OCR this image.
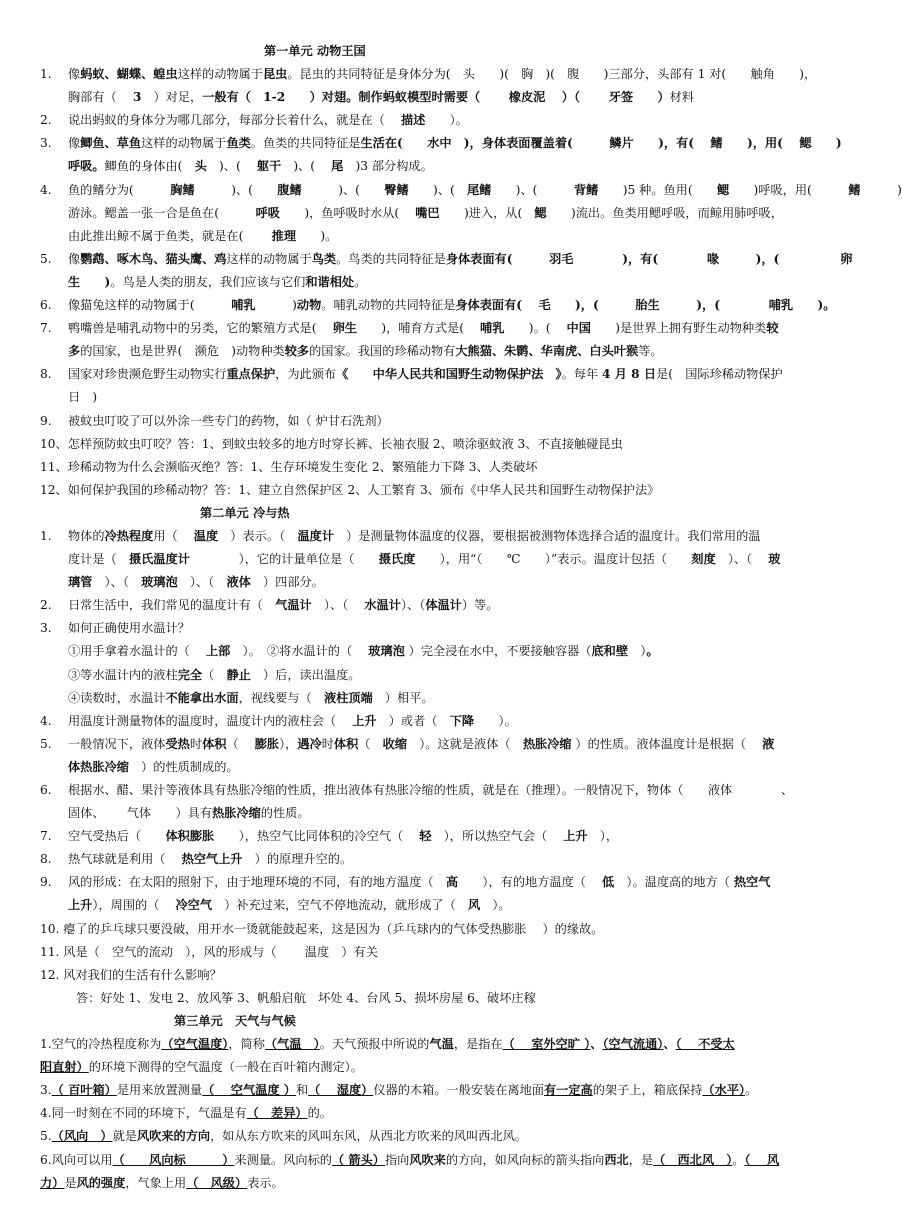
第一单元 动物王国
1. 像蚂蚁、蝴蝶、蝗虫这样的动物属于昆虫。昆虫的共同特征是身体分为(　头　　)(　胸　)(　腹　　)三部分，头部有 1 对(　　触角　　)，
胸部有（　 3　）对足，一般有（　1-2　　）对翅。制作蚂蚁模型时需要（　　 橡皮泥　 ）（　　 牙签　　）材料
2. 说出蚂蚁的身体分为哪几部分，每部分长着什么，就是在（　 描述　　）。
3. 像鲫鱼、草鱼这样的动物属于鱼类。鱼类的共同特征是生活在(　　水中　)，身体表面覆盖着(　　　鳞片　　)，有(　 鳍　　)，用(　 鳃　　)
呼吸。鲫鱼的身体由(　头　)、(　 躯干　)、(　 尾　)3 部分构成。
4. 鱼的鳍分为(　　　胸鳍　　　)、(　　腹鳍　　　)、(　　臀鳍　　)、(　尾鳍　　)、(　　　背鳍　　)5 种。鱼用(　　鳃　　)呼吸，用(　　　鳍　　　)
游泳。鳃盖一张一合是鱼在(　　　呼吸　　)，鱼呼吸时水从(　 嘴巴　　)进入，从(　鳃　　)流出。鱼类用鳃呼吸，而鲸用肺呼吸，
由此推出鲸不属于鱼类，就是在(　　 推理　　)。
5. 像鹦鹉、啄木鸟、猫头鹰、鸡这样的动物属于鸟类。鸟类的共同特征是身体表面有(　　　羽毛　　　　)，有(　　　　喙　　　)，(　　　　　卵
生　　)。鸟是人类的朋友，我们应该与它们和谐相处。
6. 像猫兔这样的动物属于(　　　哺乳　　　)动物。哺乳动物的共同特征是身体表面有(　 毛　　)，(　　　胎生　　　)，(　　　　哺乳　　)。
7. 鸭嘴兽是哺乳动物中的另类，它的繁殖方式是(　 卵生　　)，哺育方式是(　 哺乳　　)。(　 中国　　)是世界上拥有野生动物种类较
多的国家，也是世界(　濒危　)动物种类较多的国家。我国的珍稀动物有大熊猫、朱鹮、华南虎、白头叶猴等。
8. 国家对珍贵濒危野生动物实行重点保护，为此颁布《　　中华人民共和国野生动物保护法　》。每年 4 月 8 日是(　国际珍稀动物保护
日　)
9. 被蚊虫叮咬了可以外涂一些专门的药物，如（ 炉甘石洗剂）
10、怎样预防蚊虫叮咬？答：1、到蚊虫较多的地方时穿长裤、长袖衣服 2、喷涂驱蚊液 3、不直接触碰昆虫
11、珍稀动物为什么会濒临灭绝？答：1、生存环境发生变化 2、繁殖能力下降 3、人类破坏
12、如何保护我国的珍稀动物？答：1、建立自然保护区 2、人工繁育 3、颁布《中华人民共和国野生动物保护法》
第二单元 冷与热
1. 物体的冷热程度用（　 温度　）表示。（　温度计　）是测量物体温度的仪器，要根据被测物体选择合适的温度计。我们常用的温
度计是（　摄氏温度计　　　　），它的计量单位是（　　摄氏度　　），用“（　　℃　　）”表示。温度计包括（　　刻度　）、（　 玻
璃管　）、（　玻璃泡　）、（　液体　）四部分。
2. 日常生活中，我们常见的温度计有（　气温计　）、（　 水温计）、（体温计）等。
3. 如何正确使用水温计？
①用手拿着水温计的（　 上部　）。　②将水温计的（　 玻璃泡 ）完全浸在水中，不要接触容器（底和壁　）。
③等水温计内的液柱完全（　静止　）后，读出温度。
④读数时，水温计不能拿出水面，视线要与（　液柱顶端　）相平。
4. 用温度计测量物体的温度时，温度计内的液柱会（　 上升　）或者（　下降　　）。
5. 一般情况下，液体受热时体积（　 膨胀），遇冷时体积（　收缩　）。这就是液体（　热胀冷缩 ）的性质。液体温度计是根据（　 液
体热胀冷缩　）的性质制成的。
6. 根据水、醋、果汁等液体具有热胀冷缩的性质，推出液体有热胀冷缩的性质，就是在（推理）。一般情况下，物体（　　液体　　　　、
固体、　　 气体　　）具有热胀冷缩的性质。
7. 空气受热后（　　体积膨胀　　），热空气比同体积的冷空气（　 轻　），所以热空气会（　 上升　），
8. 热气球就是利用（　 热空气上升　）的原理升空的。
9. 风的形成：在太阳的照射下，由于地理环境的不同，有的地方温度（　高　　），有的地方温度（　 低　）。温度高的地方（ 热空气
上升），周围的（　 冷空气　）补充过来，空气不停地流动，就形成了（　风　）。
10. 瘪了的乒乓球只要没破，用开水一烫就能鼓起来，这是因为（乒乓球内的气体受热膨胀　 ）的缘故。
11. 风是（　空气的流动　），风的形成与（　　 温度　）有关
12. 风对我们的生活有什么影响？
答：好处 1、发电 2、放风筝 3、帆船启航　坏处 4、台风 5、损坏房屋 6、破坏庄稼
第三单元　天气与气候
1.空气的冷热程度称为（空气温度），简称（气温　）。天气预报中所说的气温，是指在（　 室外空旷 ）、（空气流通）、（　 不受太
阳直射）的环境下测得的空气温度（一般在百叶箱内测定）。
3.（ 百叶箱）是用来放置测量（　 空气温度 ）和（　 湿度）仪器的木箱。一般安装在离地面有一定高的架子上，箱底保持（水平）。
4.同一时刻在不同的环境下，气温是有（　差异）的。
5.（风向　）就是风吹来的方向，如从东方吹来的风叫东风，从西北方吹来的风叫西北风。
6.风向可以用（　　风向标　　　）来测量。风向标的（ 箭头）指向风吹来的方向，如风向标的箭头指向西北，是（　西北风　）。（　 风
力）是风的强度，气象上用（　风级）表示。
